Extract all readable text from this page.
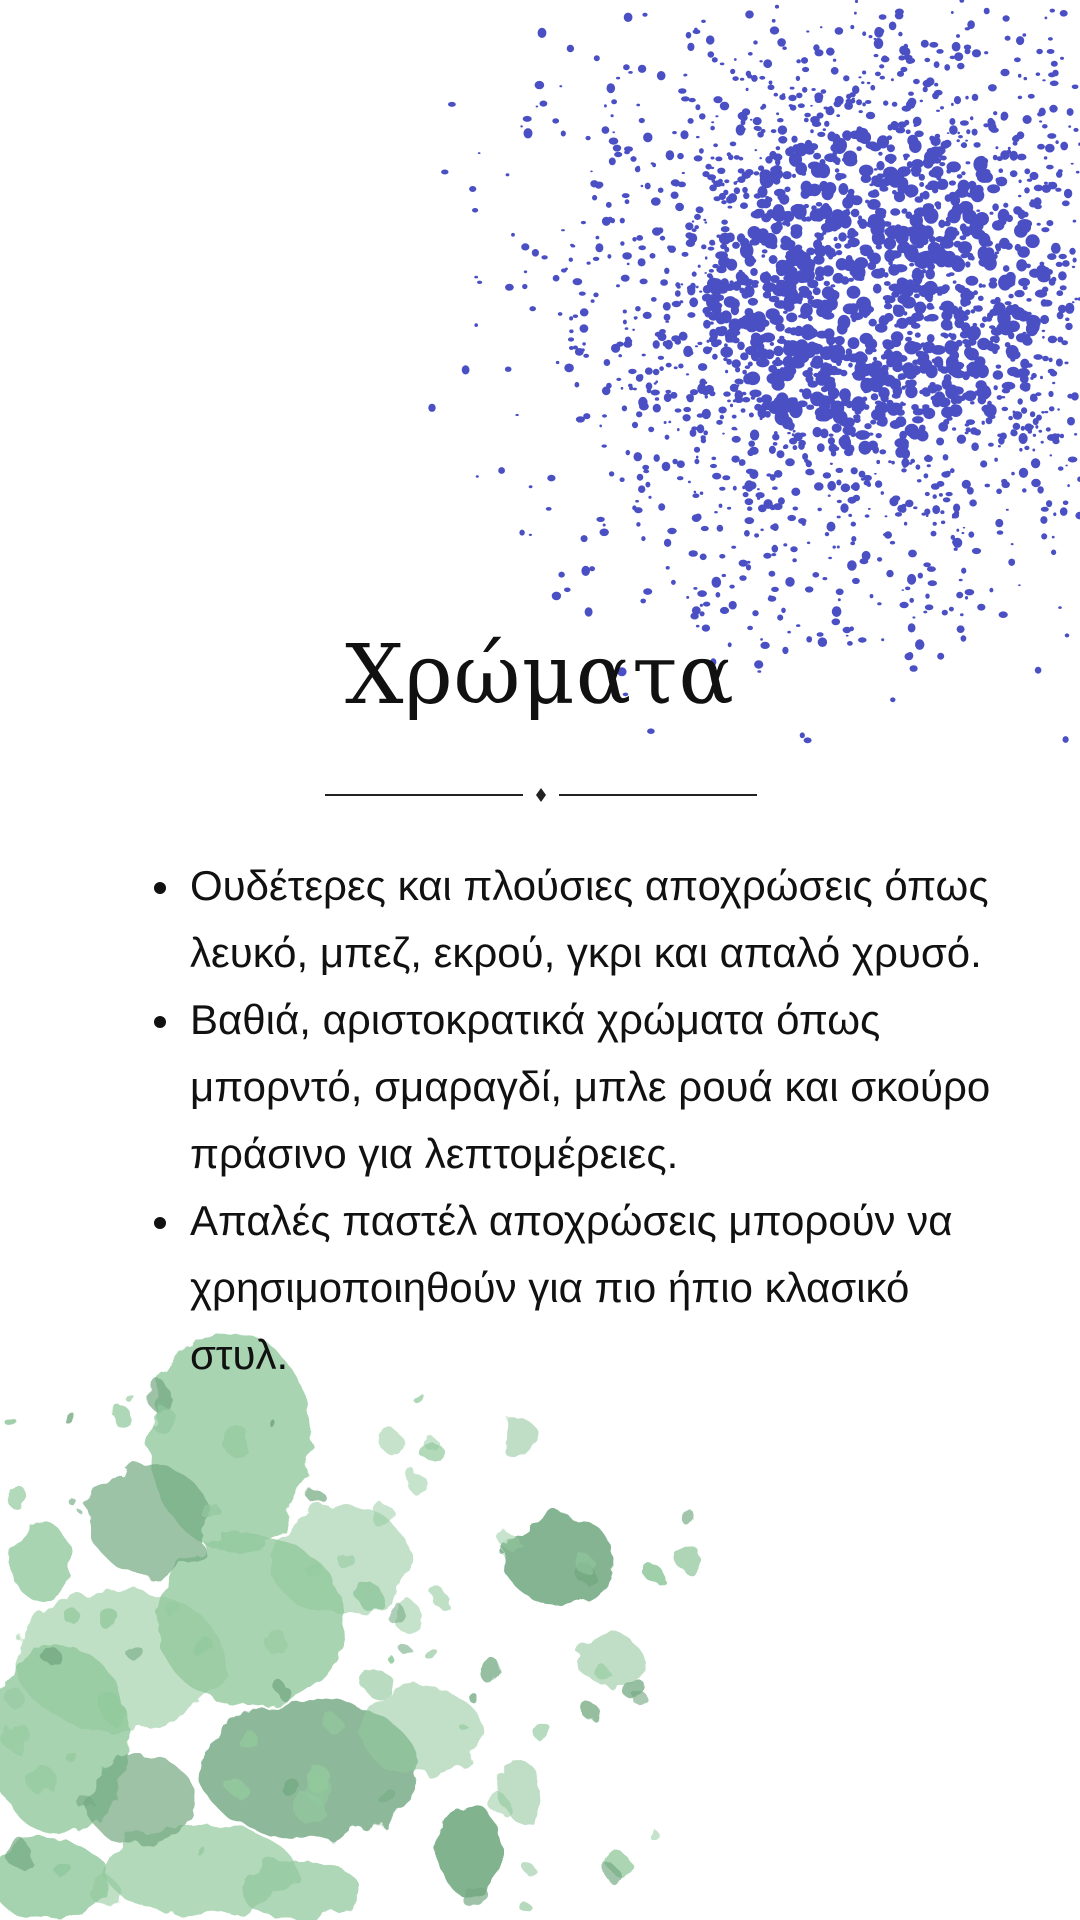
Χρώματα
Ουδέτερες και πλούσιες αποχρώσεις όπως λευκό, μπεζ, εκρού, γκρι και απαλό χρυσό.
Βαθιά, αριστοκρατικά χρώματα όπως μπορντό, σμαραγδί, μπλε ρουά και σκούρο πράσινο για λεπτομέρειες.
Απαλές παστέλ αποχρώσεις μπορούν να χρησιμοποιηθούν για πιο ήπιο κλασικό στυλ.
